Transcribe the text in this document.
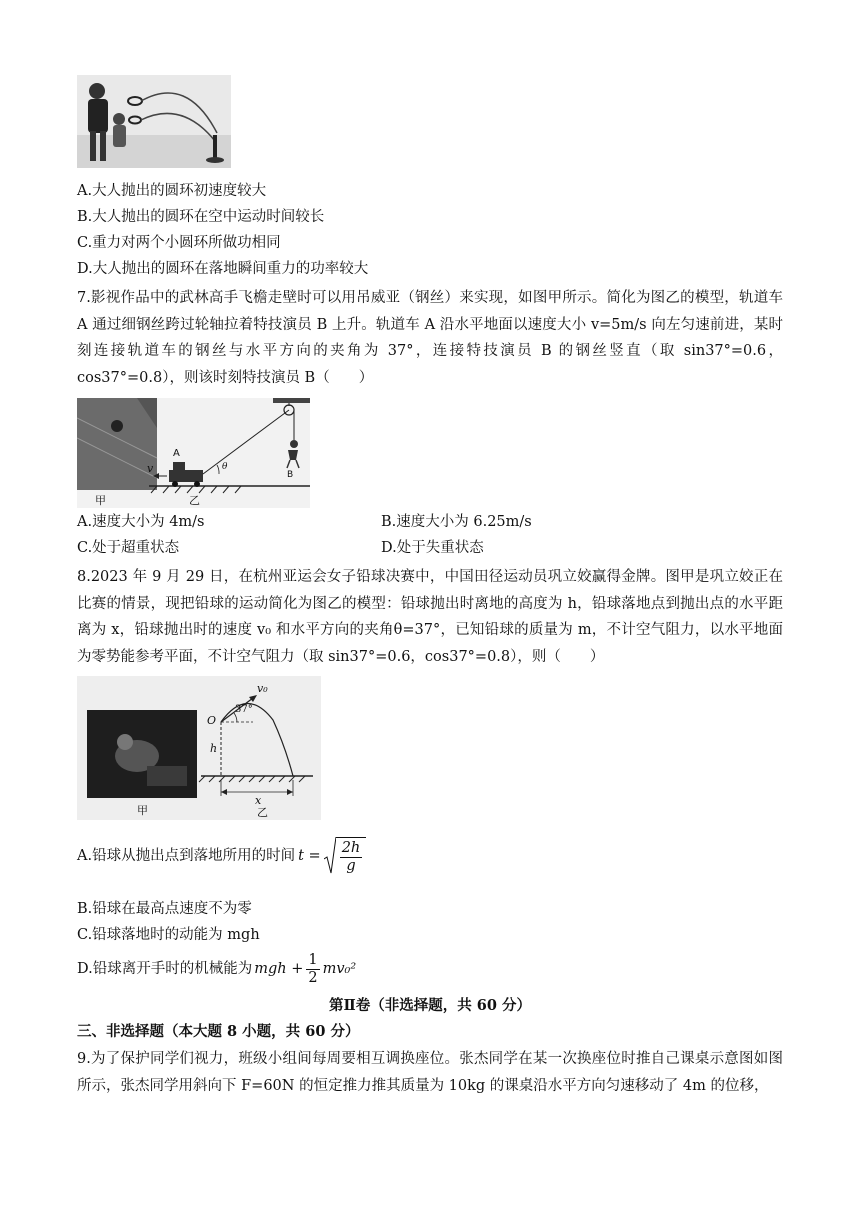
A.大人抛出的圆环初速度较大
B.大人抛出的圆环在空中运动时间较长
C.重力对两个小圆环所做功相同
D.大人抛出的圆环在落地瞬间重力的功率较大
7.影视作品中的武林高手飞檐走壁时可以用吊威亚（钢丝）来实现，如图甲所示。简化为图乙的模型，轨道车 A 通过细钢丝跨过轮轴拉着特技演员 B 上升。轨道车 A 沿水平地面以速度大小 v=5m/s 向左匀速前进，某时刻连接轨道车的钢丝与水平方向的夹角为 37°，连接特技演员 B 的钢丝竖直（取 sin37°=0.6，cos37°=0.8），则该时刻特技演员 B（　　）
A
v	θ
B
甲	乙
A.速度大小为 4m/s	B.速度大小为 6.25m/s
C.处于超重状态	D.处于失重状态
8.2023 年 9 月 29 日，在杭州亚运会女子铅球决赛中，中国田径运动员巩立姣赢得金牌。图甲是巩立姣正在比赛的情景，现把铅球的运动简化为图乙的模型：铅球抛出时离地的高度为 h，铅球落地点到抛出点的水平距离为 x，铅球抛出时的速度 v₀ 和水平方向的夹角θ=37°，已知铅球的质量为 m，不计空气阻力，以水平地面为零势能参考平面，不计空气阻力（取 sin37°=0.6，cos37°=0.8），则（　　）
v₀
37°
O
h
x
甲	乙
A.铅球从抛出点到落地所用的时间 $t = \frac{2h}{g}$
B.铅球在最高点速度不为零
C.铅球落地时的动能为 mgh
D.铅球离开手时的机械能为 mgh + $\frac{1}{2} mv_0^2$
第Ⅱ卷（非选择题，共 60 分）
三、非选择题（本大题 8 小题，共 60 分）
9.为了保护同学们视力，班级小组间每周要相互调换座位。张杰同学在某一次换座位时推自己课桌示意图如图所示，张杰同学用斜向下 F=60N 的恒定推力推其质量为 10kg 的课桌沿水平方向匀速移动了 4m 的位移，
